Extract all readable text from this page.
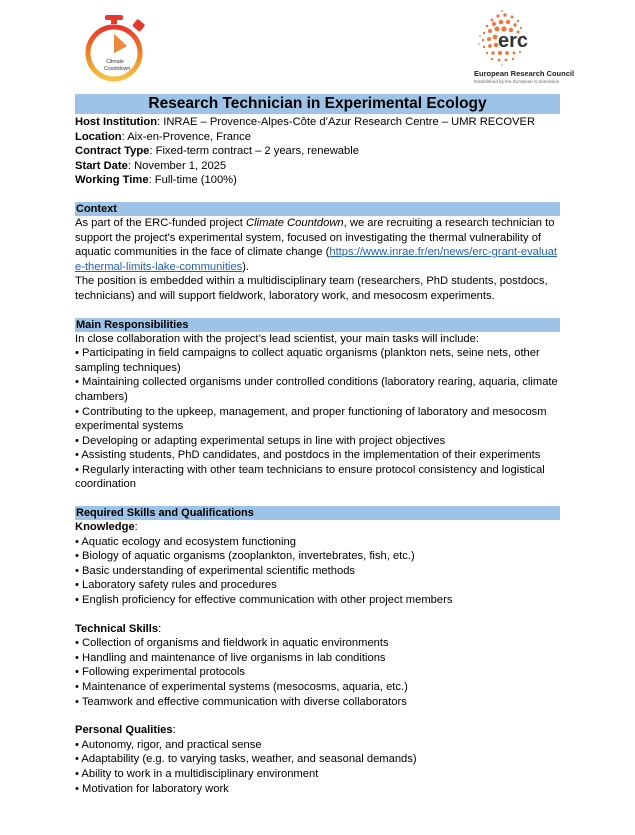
Climate
Countdown
erc
European Research Council
Established by the European Commission
Research Technician in Experimental Ecology
Host Institution: INRAE – Provence-Alpes-Côte d’Azur Research Centre – UMR RECOVER
Location: Aix-en-Provence, France
Contract Type: Fixed-term contract – 2 years, renewable
Start Date: November 1, 2025
Working Time: Full-time (100%)
Context
As part of the ERC-funded project Climate Countdown, we are recruiting a research technician to support the project's experimental system, focused on investigating the thermal vulnerability of aquatic communities in the face of climate change (https://www.inrae.fr/en/news/erc-grant-evaluate-thermal-limits-lake-communities).
The position is embedded within a multidisciplinary team (researchers, PhD students, postdocs, technicians) and will support fieldwork, laboratory work, and mesocosm experiments.
Main Responsibilities
In close collaboration with the project’s lead scientist, your main tasks will include:
• Participating in field campaigns to collect aquatic organisms (plankton nets, seine nets, other sampling techniques)
• Maintaining collected organisms under controlled conditions (laboratory rearing, aquaria, climate chambers)
• Contributing to the upkeep, management, and proper functioning of laboratory and mesocosm experimental systems
• Developing or adapting experimental setups in line with project objectives
• Assisting students, PhD candidates, and postdocs in the implementation of their experiments
• Regularly interacting with other team technicians to ensure protocol consistency and logistical coordination
Required Skills and Qualifications
Knowledge:
• Aquatic ecology and ecosystem functioning
• Biology of aquatic organisms (zooplankton, invertebrates, fish, etc.)
• Basic understanding of experimental scientific methods
• Laboratory safety rules and procedures
• English proficiency for effective communication with other project members
Technical Skills:
• Collection of organisms and fieldwork in aquatic environments
• Handling and maintenance of live organisms in lab conditions
• Following experimental protocols
• Maintenance of experimental systems (mesocosms, aquaria, etc.)
• Teamwork and effective communication with diverse collaborators
Personal Qualities:
• Autonomy, rigor, and practical sense
• Adaptability (e.g. to varying tasks, weather, and seasonal demands)
• Ability to work in a multidisciplinary environment
• Motivation for laboratory work
